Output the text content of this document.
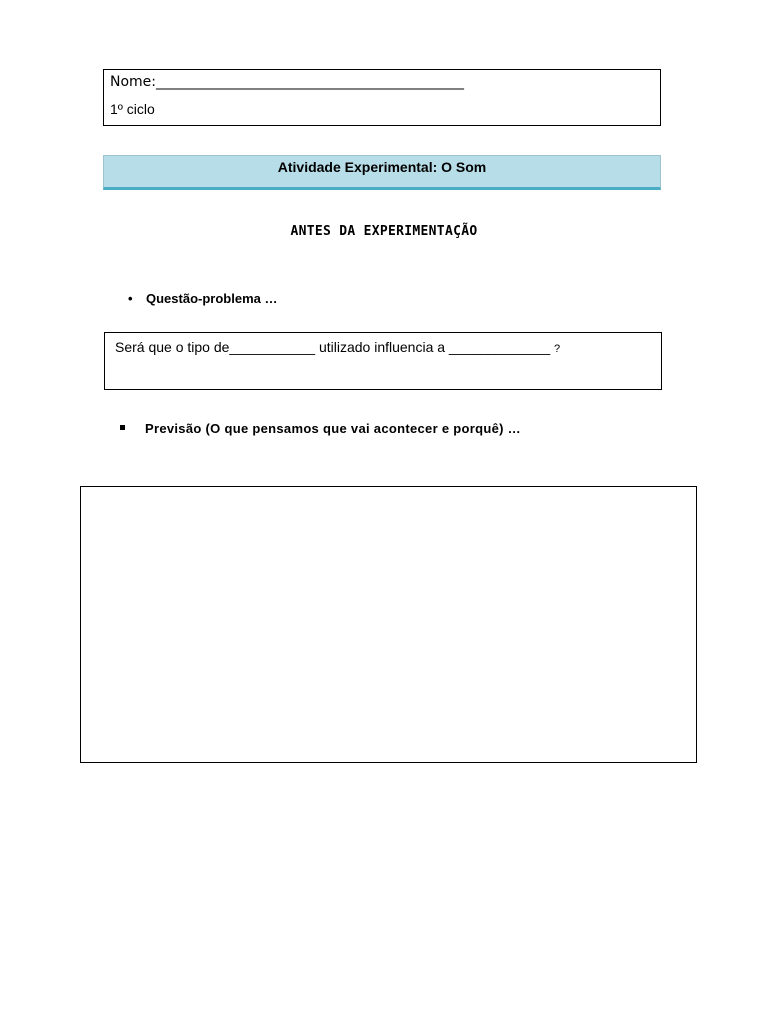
Nome:____________________________________________
1º ciclo
Atividade Experimental: O Som
ANTES DA EXPERIMENTAÇÃO
• Questão-problema …
Será que o tipo de___________ utilizado influencia a _____________ ?
Previsão (O que pensamos que vai acontecer e porquê) …
